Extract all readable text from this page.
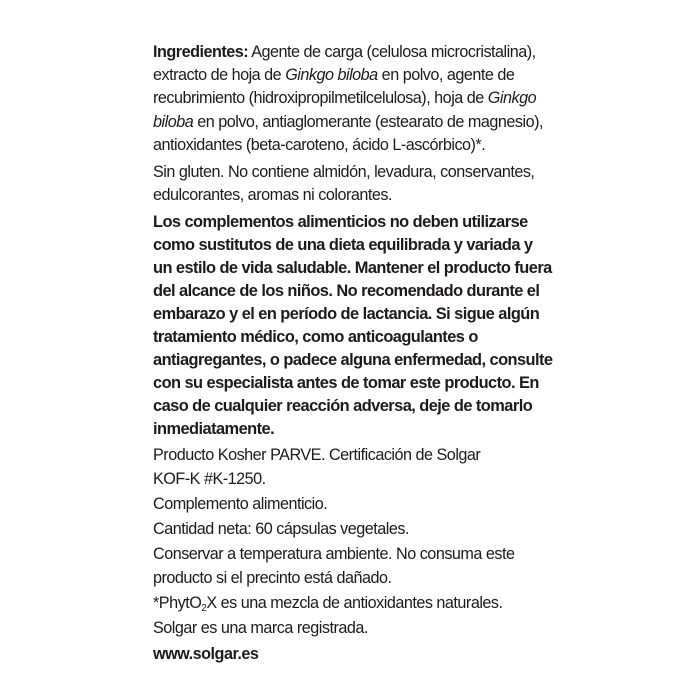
Ingredientes: Agente de carga (celulosa microcristalina), extracto de hoja de Ginkgo biloba en polvo, agente de recubrimiento (hidroxipropilmetilcelulosa), hoja de Ginkgo biloba en polvo, antiaglomerante (estearato de magnesio), antioxidantes (beta-caroteno, ácido L-ascórbico)*.

Sin gluten. No contiene almidón, levadura, conservantes, edulcorantes, aromas ni colorantes.

Los complementos alimenticios no deben utilizarse como sustitutos de una dieta equilibrada y variada y un estilo de vida saludable. Mantener el producto fuera del alcance de los niños. No recomendado durante el embarazo y el en período de lactancia. Si sigue algún tratamiento médico, como anticoagulantes o antiagregantes, o padece alguna enfermedad, consulte con su especialista antes de tomar este producto. En caso de cualquier reacción adversa, deje de tomarlo inmediatamente.

Producto Kosher PARVE. Certificación de Solgar
KOF-K #K-1250.

Complemento alimenticio.

Cantidad neta: 60 cápsulas vegetales.

Conservar a temperatura ambiente. No consuma este producto si el precinto está dañado.

*PhytO$_2$X es una mezcla de antioxidantes naturales.

Solgar es una marca registrada.

www.solgar.es
